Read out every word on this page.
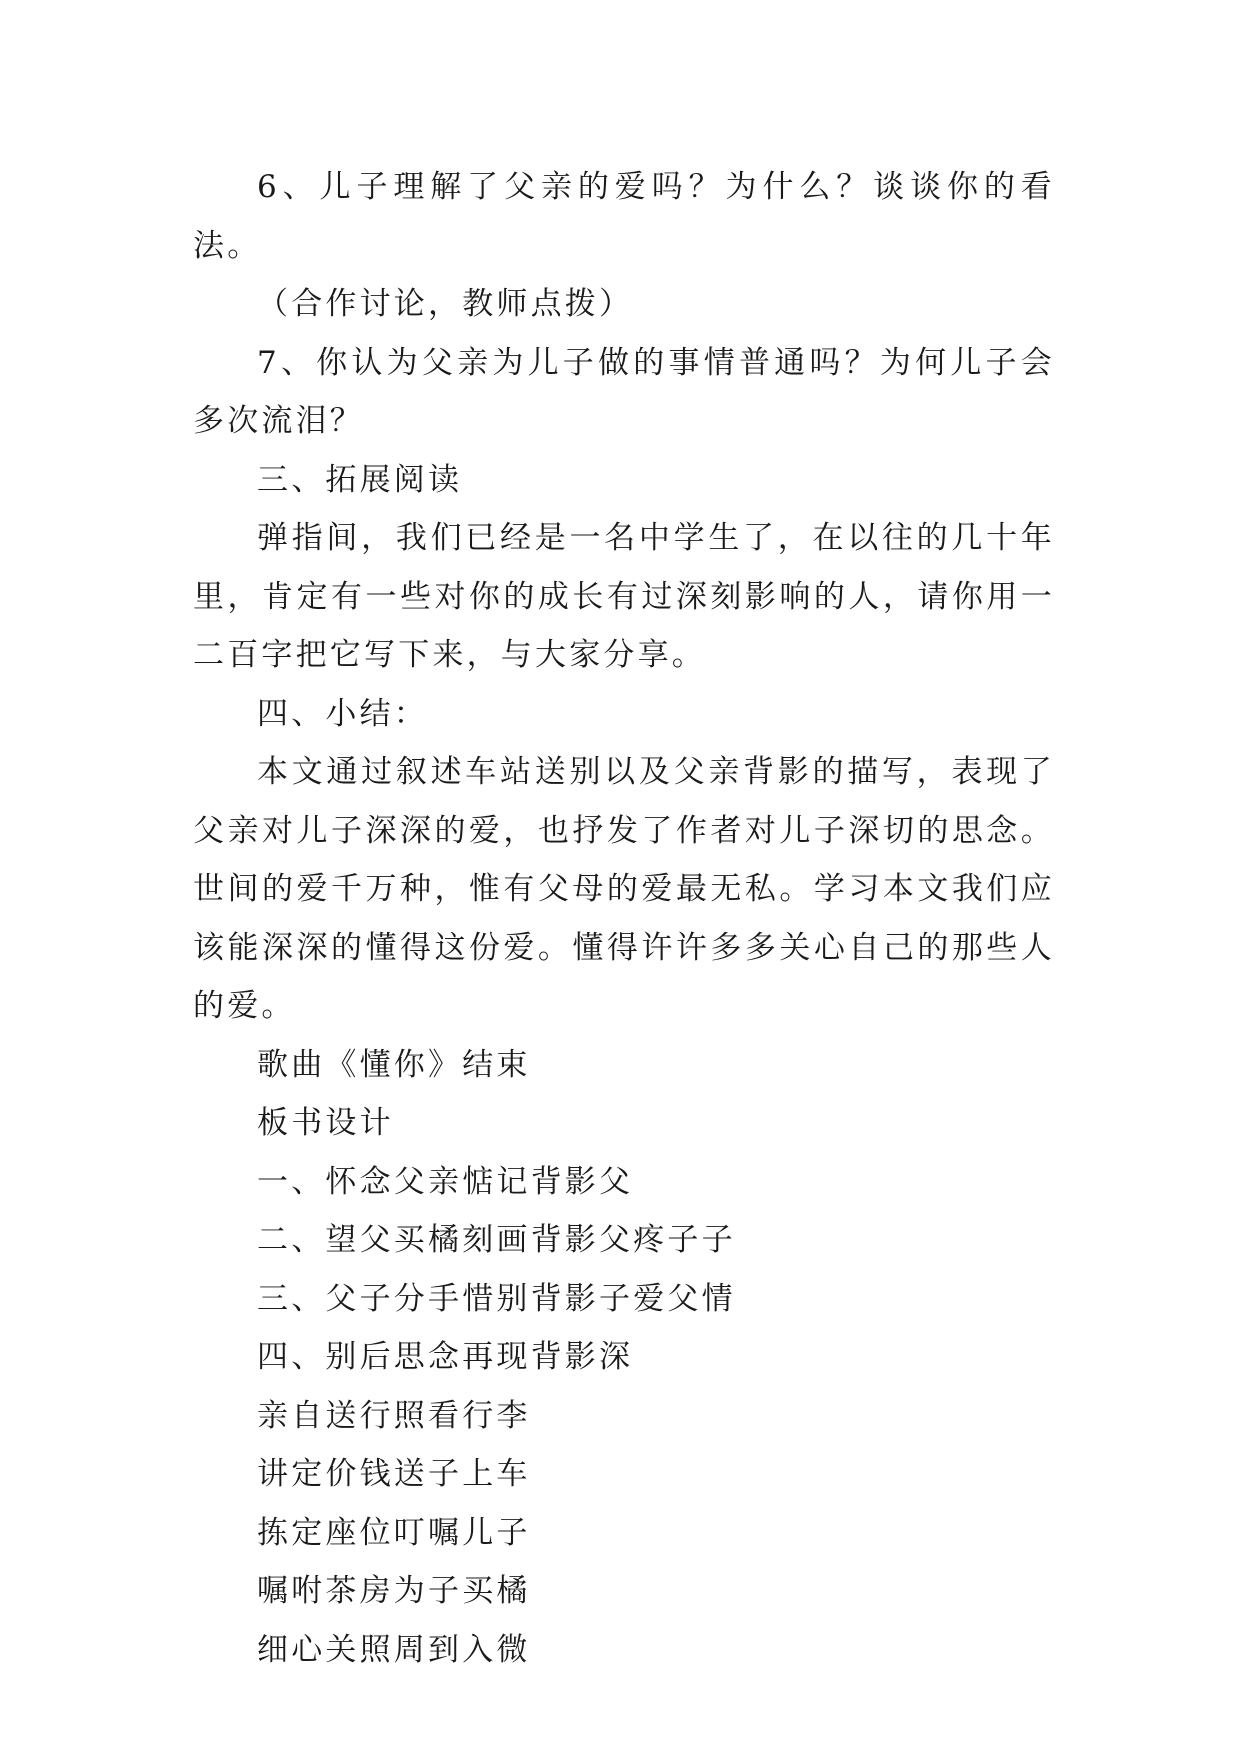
6、儿子理解了父亲的爱吗？为什么？谈谈你的看法。

（合作讨论，教师点拨）

7、你认为父亲为儿子做的事情普通吗？为何儿子会多次流泪？

三、拓展阅读

弹指间，我们已经是一名中学生了，在以往的几十年里，肯定有一些对你的成长有过深刻影响的人，请你用一二百字把它写下来，与大家分享。

四、小结：

本文通过叙述车站送别以及父亲背影的描写，表现了父亲对儿子深深的爱，也抒发了作者对儿子深切的思念。世间的爱千万种，惟有父母的爱最无私。学习本文我们应该能深深的懂得这份爱。懂得许许多多关心自己的那些人的爱。

歌曲《懂你》结束

板书设计

一、怀念父亲惦记背影父

二、望父买橘刻画背影父疼子子

三、父子分手惜别背影子爱父情

四、别后思念再现背影深

亲自送行照看行李

讲定价钱送子上车

拣定座位叮嘱儿子

嘱咐茶房为子买橘

细心关照周到入微
